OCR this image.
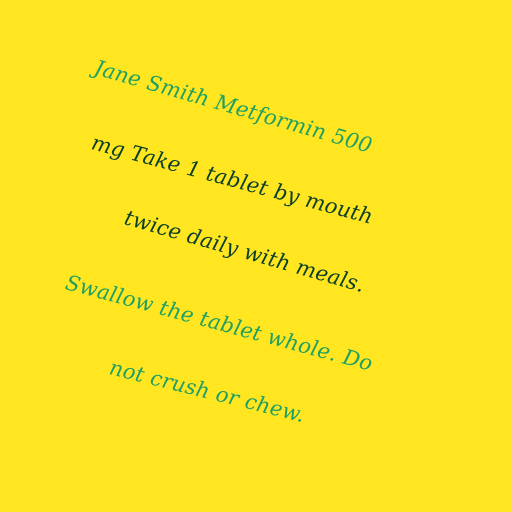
Jane Smith Metformin 500
mg Take 1 tablet by mouth
twice daily with meals.
Swallow the tablet whole. Do
not crush or chew.
